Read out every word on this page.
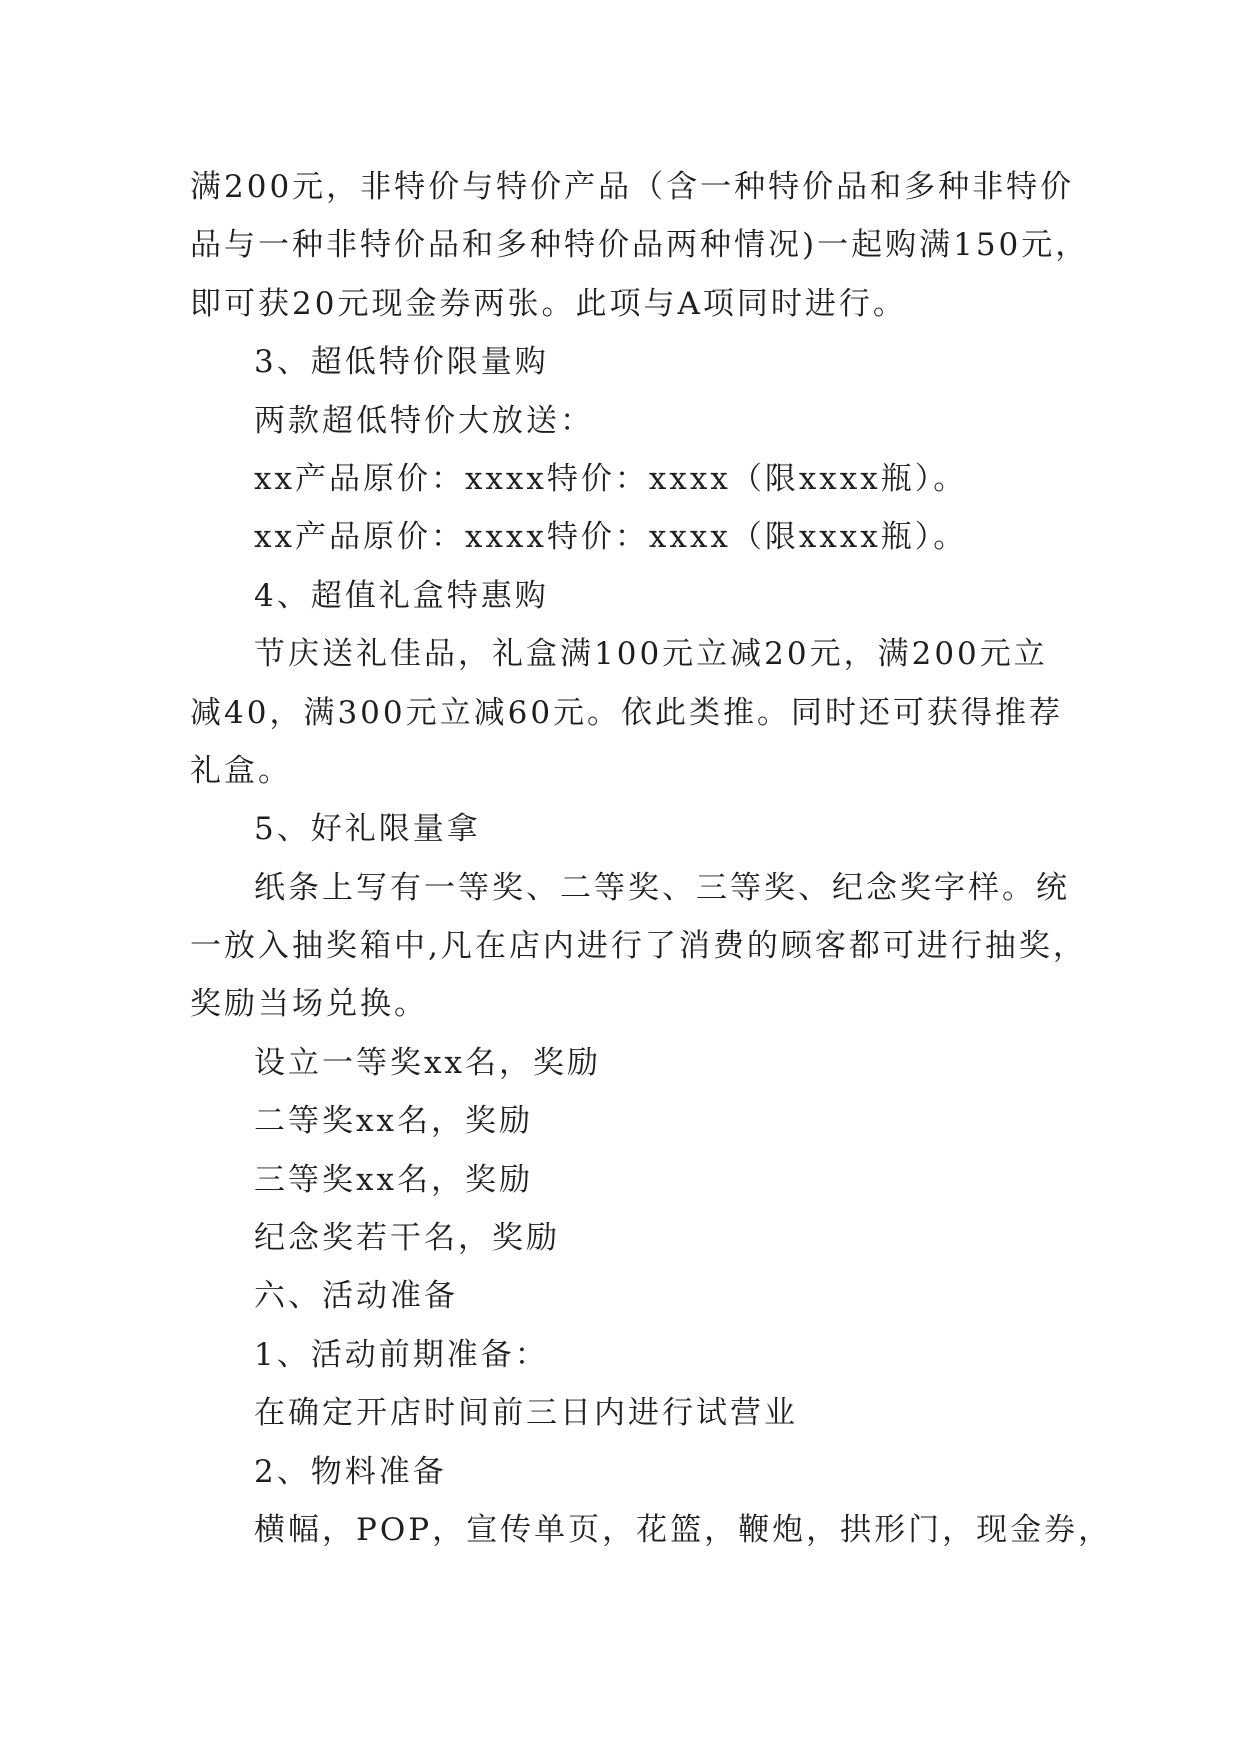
满200元，非特价与特价产品（含一种特价品和多种非特价
品与一种非特价品和多种特价品两种情况)一起购满150元，
即可获20元现金券两张。此项与A项同时进行。
3、超低特价限量购
两款超低特价大放送：
xx产品原价：xxxx特价：xxxx（限xxxx瓶）。
xx产品原价：xxxx特价：xxxx（限xxxx瓶）。
4、超值礼盒特惠购
节庆送礼佳品，礼盒满100元立减20元，满200元立
减40，满300元立减60元。依此类推。同时还可获得推荐
礼盒。
5、好礼限量拿
纸条上写有一等奖、二等奖、三等奖、纪念奖字样。统
一放入抽奖箱中,凡在店内进行了消费的顾客都可进行抽奖，
奖励当场兑换。
设立一等奖xx名，奖励
二等奖xx名，奖励
三等奖xx名，奖励
纪念奖若干名，奖励
六、活动准备
1、活动前期准备：
在确定开店时间前三日内进行试营业
2、物料准备
横幅，POP，宣传单页，花篮，鞭炮，拱形门，现金券，
